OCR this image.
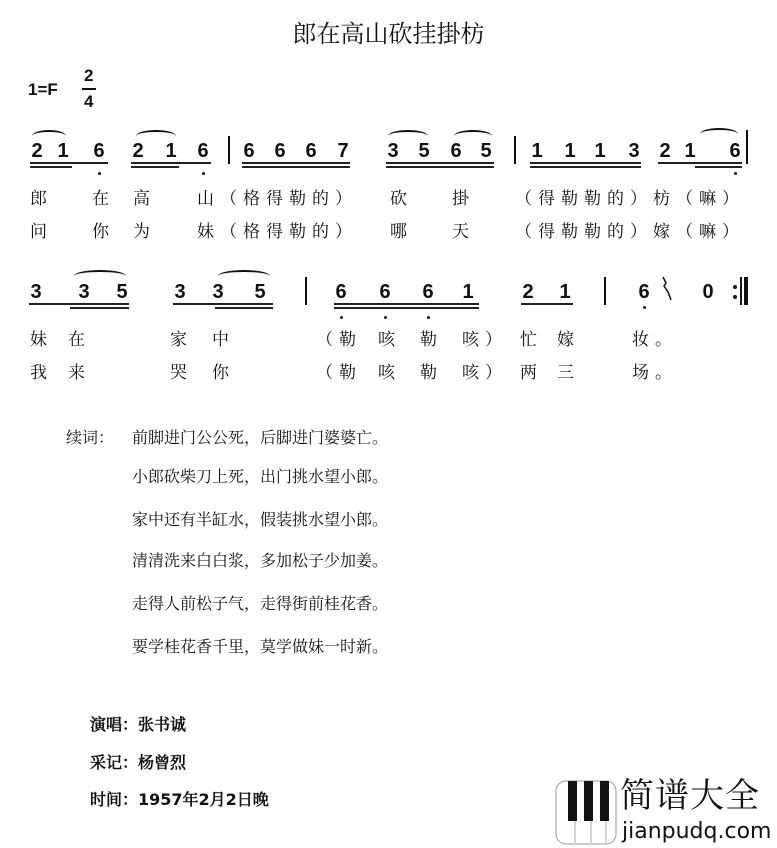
郎在高山砍挂掛枋
1=F
2
4
2 1 6 2 1 6 6 6 6 7 3 5 6 5 1 1 1 3 2 1 6
郎 在 高 山（格得勒的） 砍 掛 （得勒勒的）枋（嘛）
问 你 为 妹（格得勒的） 哪 天 （得勒勒的）嫁（嘛）
3 3 5 3 3 5	6 6 6 1 2 1	6	0
妹 在	家 中	（勒 咳 勒 咳） 忙 嫁	妆。
我 来	哭 你	（勒 咳 勒 咳） 两 三	场。
续词： 前脚进门公公死，后脚进门婆婆亡。
小郎砍柴刀上死，出门挑水望小郎。
家中还有半缸水，假装挑水望小郎。
清清洗来白白浆，多加松子少加姜。
走得人前松子气，走得街前桂花香。
要学桂花香千里，莫学做妹一时新。
演唱：张书诚
采记：杨曾烈
时间：1957年2月2日晚	简谱大全
jianpudq.com
